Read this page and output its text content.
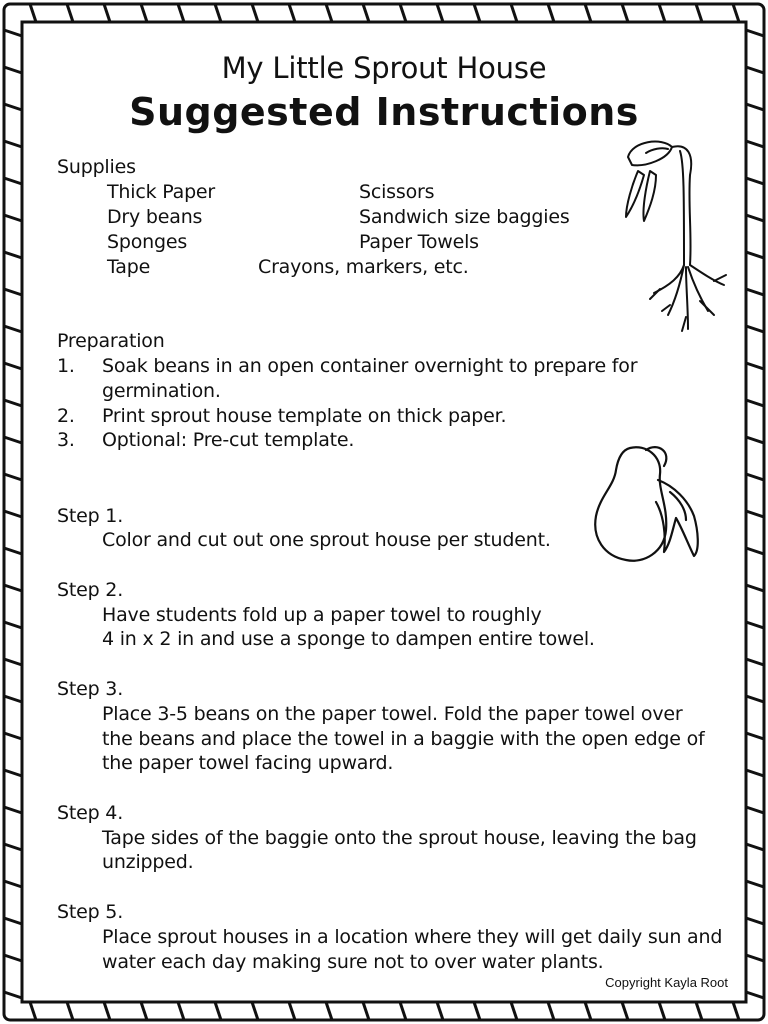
My Little Sprout House
Suggested Instructions
Supplies
Thick Paper	Scissors
Dry beans	Sandwich size baggies
Sponges	Paper Towels
Tape	Crayons, markers, etc.
Preparation
1. Soak beans in an open container overnight to prepare for
germination.
2. Print sprout house template on thick paper.
3. Optional: Pre-cut template.
Step 1.
Color and cut out one sprout house per student.
Step 2.
Have students fold up a paper towel to roughly
4 in x 2 in and use a sponge to dampen entire towel.
Step 3.
Place 3-5 beans on the paper towel. Fold the paper towel over
the beans and place the towel in a baggie with the open edge of
the paper towel facing upward.
Step 4.
Tape sides of the baggie onto the sprout house, leaving the bag
unzipped.
Step 5.
Place sprout houses in a location where they will get daily sun and
water each day making sure not to over water plants.
Copyright Kayla Root
